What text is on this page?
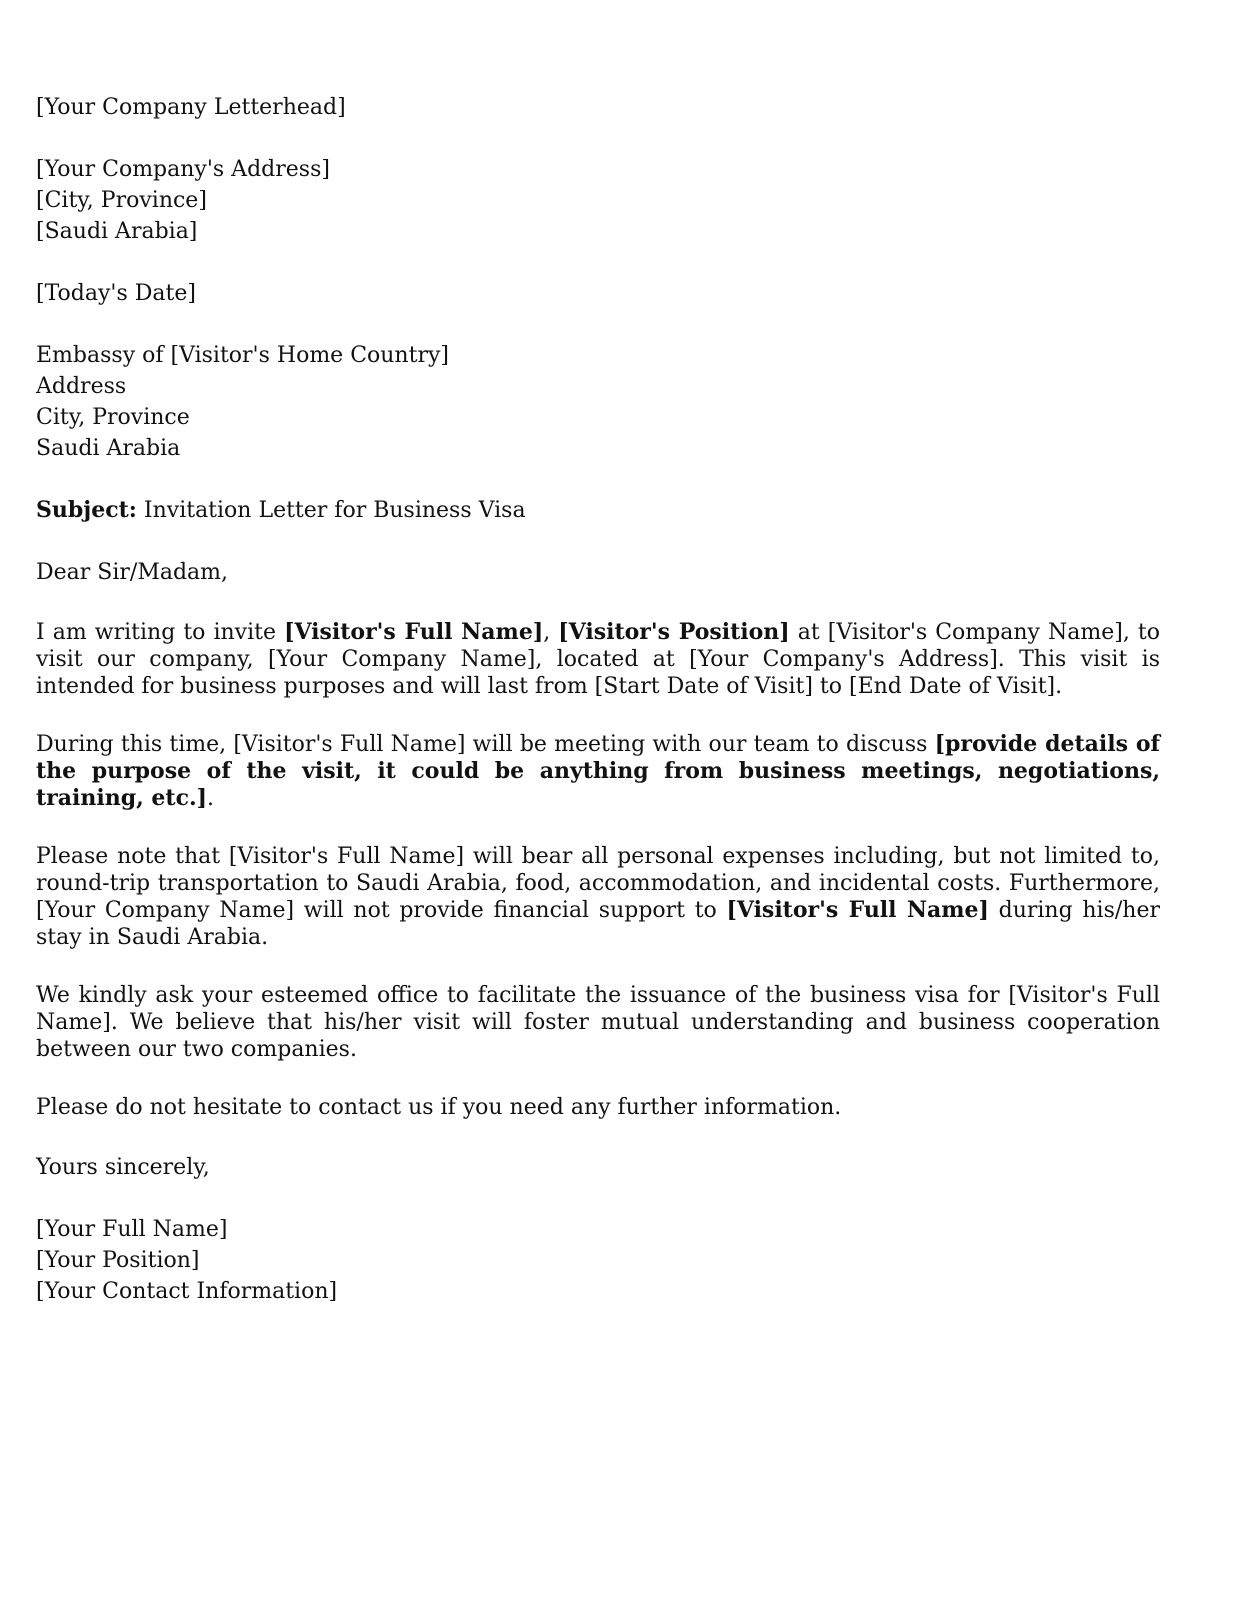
[Your Company Letterhead]
[Your Company's Address]
[City, Province]
[Saudi Arabia]
[Today's Date]
Embassy of [Visitor's Home Country]
Address
City, Province
Saudi Arabia
Subject: Invitation Letter for Business Visa
Dear Sir/Madam,

I am writing to invite [Visitor's Full Name], [Visitor's Position] at [Visitor's Company Name], to visit our company, [Your Company Name], located at [Your Company's Address]. This visit is intended for business purposes and will last from [Start Date of Visit] to [End Date of Visit].

During this time, [Visitor's Full Name] will be meeting with our team to discuss [provide details of the purpose of the visit, it could be anything from business meetings, negotiations, training, etc.].

Please note that [Visitor's Full Name] will bear all personal expenses including, but not limited to, round-trip transportation to Saudi Arabia, food, accommodation, and incidental costs. Furthermore, [Your Company Name] will not provide financial support to [Visitor's Full Name] during his/her stay in Saudi Arabia.

We kindly ask your esteemed office to facilitate the issuance of the business visa for [Visitor's Full Name]. We believe that his/her visit will foster mutual understanding and business cooperation between our two companies.

Please do not hesitate to contact us if you need any further information.

Yours sincerely,
[Your Full Name]
[Your Position]
[Your Contact Information]
